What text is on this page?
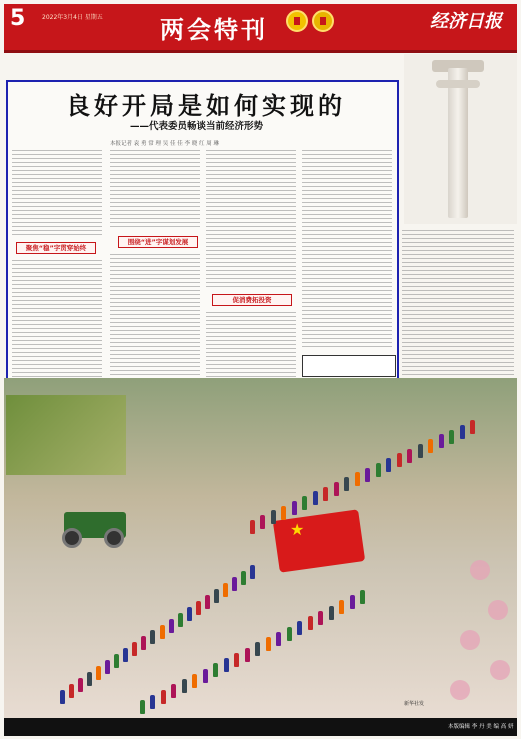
5	2022年3月4日 星期五 两会特刊	经济日报
良好开局是如何实现的
——代表委员畅谈当前经济形势
本报记者 袁 勇 常 理 吴 佳 佳 李 晓 红 周 琳
聚焦“稳”字贯穿始终
围绕“进”字谋划发展
促消费拓投资
★
新华社发
本版编辑 李 丹 美 编 高 妍
